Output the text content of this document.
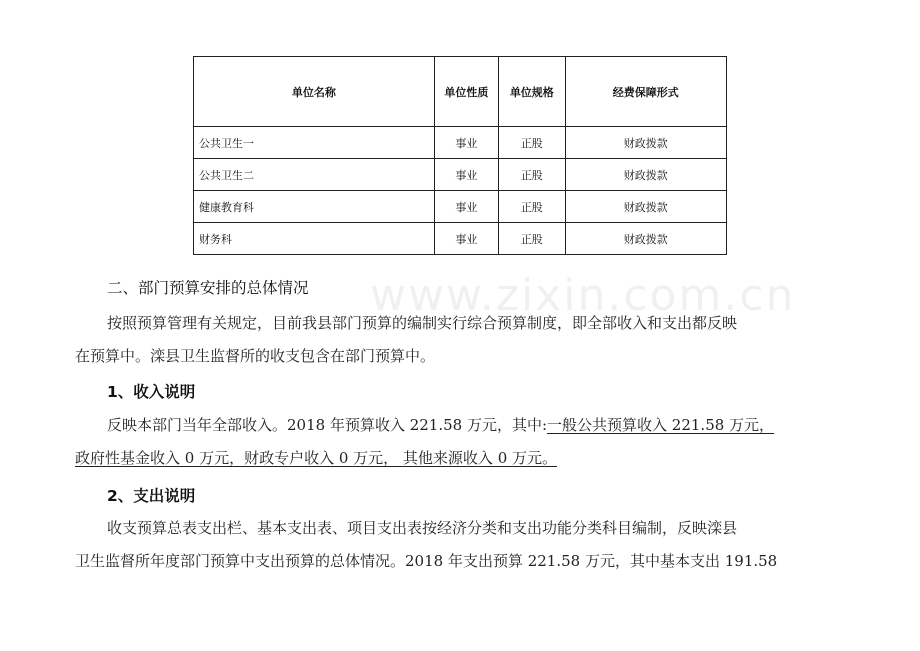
www.zixin.com.cn
单位名称	单位性质	单位规格	经费保障形式
公共卫生一	事业	正股	财政拨款
公共卫生二	事业	正股	财政拨款
健康教育科	事业	正股	财政拨款
财务科	事业	正股	财政拨款
二、部门预算安排的总体情况
按照预算管理有关规定，目前我县部门预算的编制实行综合预算制度，即全部收入和支出都反映
在预算中。滦县卫生监督所的收支包含在部门预算中。
1、收入说明
反映本部门当年全部收入。2018 年预算收入 221.58 万元，其中:一般公共预算收入 221.58 万元，
政府性基金收入 0 万元，财政专户收入 0 万元， 其他来源收入 0 万元。
2、支出说明
收支预算总表支出栏、基本支出表、项目支出表按经济分类和支出功能分类科目编制，反映滦县
卫生监督所年度部门预算中支出预算的总体情况。2018 年支出预算 221.58 万元，其中基本支出 191.58
